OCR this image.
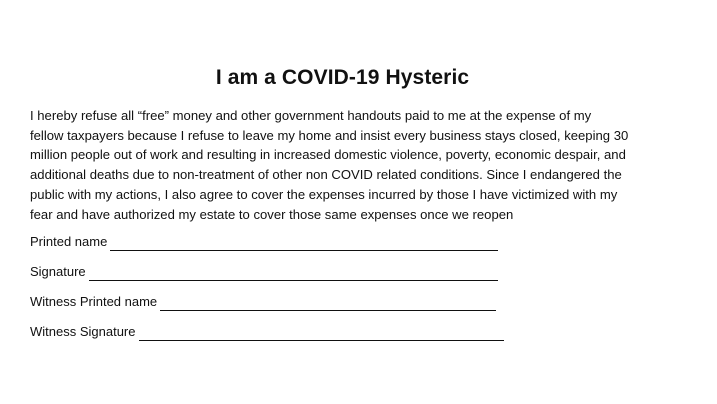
I am a COVID-19 Hysteric

I hereby refuse all “free” money and other government handouts paid to me at the expense of my
fellow taxpayers because I refuse to leave my home and insist every business stays closed, keeping 30
million people out of work and resulting in increased domestic violence, poverty, economic despair, and
additional deaths due to non-treatment of other non COVID related conditions. Since I endangered the
public with my actions, I also agree to cover the expenses incurred by those I have victimized with my
fear and have authorized my estate to cover those same expenses once we reopen

Printed name
Signature
Witness Printed name
Witness Signature
